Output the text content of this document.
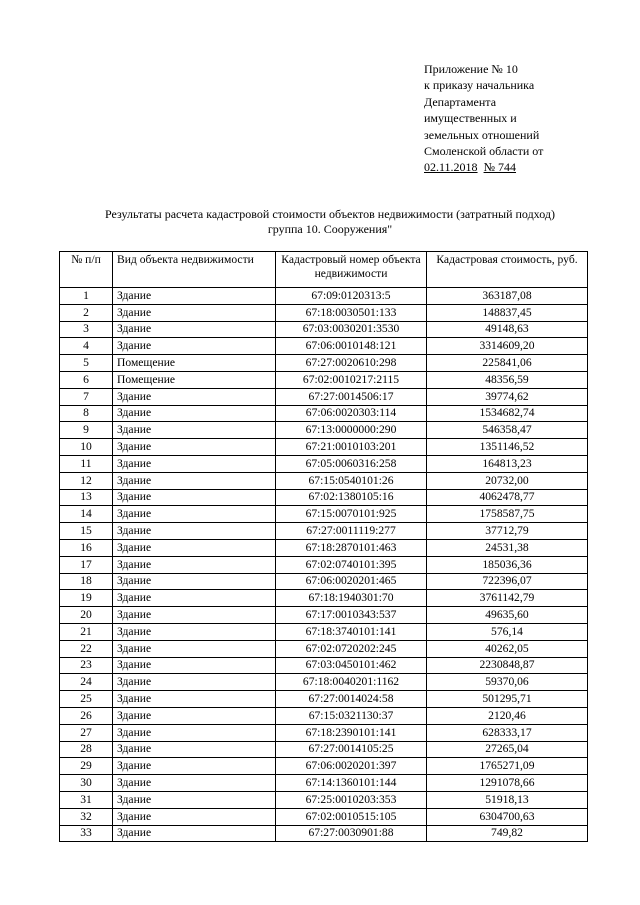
Приложение № 10
к приказу начальника
Департамента
имущественных и
земельных отношений
Смоленской области от
02.11.2018 № 744
Результаты расчета кадастровой стоимости объектов недвижимости (затратный подход)
группа 10. Сооружения"
№ п/п	Вид объекта недвижимости	Кадастровый номер объекта недвижимости	Кадастровая стоимость, руб.

1	Здание	67:09:0120313:5	363187,08
2	Здание	67:18:0030501:133	148837,45
3	Здание	67:03:0030201:3530	49148,63
4	Здание	67:06:0010148:121	3314609,20
5	Помещение	67:27:0020610:298	225841,06
6	Помещение	67:02:0010217:2115	48356,59
7	Здание	67:27:0014506:17	39774,62
8	Здание	67:06:0020303:114	1534682,74
9	Здание	67:13:0000000:290	546358,47
10	Здание	67:21:0010103:201	1351146,52
11	Здание	67:05:0060316:258	164813,23
12	Здание	67:15:0540101:26	20732,00
13	Здание	67:02:1380105:16	4062478,77
14	Здание	67:15:0070101:925	1758587,75
15	Здание	67:27:0011119:277	37712,79
16	Здание	67:18:2870101:463	24531,38
17	Здание	67:02:0740101:395	185036,36
18	Здание	67:06:0020201:465	722396,07
19	Здание	67:18:1940301:70	3761142,79
20	Здание	67:17:0010343:537	49635,60
21	Здание	67:18:3740101:141	576,14
22	Здание	67:02:0720202:245	40262,05
23	Здание	67:03:0450101:462	2230848,87
24	Здание	67:18:0040201:1162	59370,06
25	Здание	67:27:0014024:58	501295,71
26	Здание	67:15:0321130:37	2120,46
27	Здание	67:18:2390101:141	628333,17
28	Здание	67:27:0014105:25	27265,04
29	Здание	67:06:0020201:397	1765271,09
30	Здание	67:14:1360101:144	1291078,66
31	Здание	67:25:0010203:353	51918,13
32	Здание	67:02:0010515:105	6304700,63
33	Здание	67:27:0030901:88	749,82
